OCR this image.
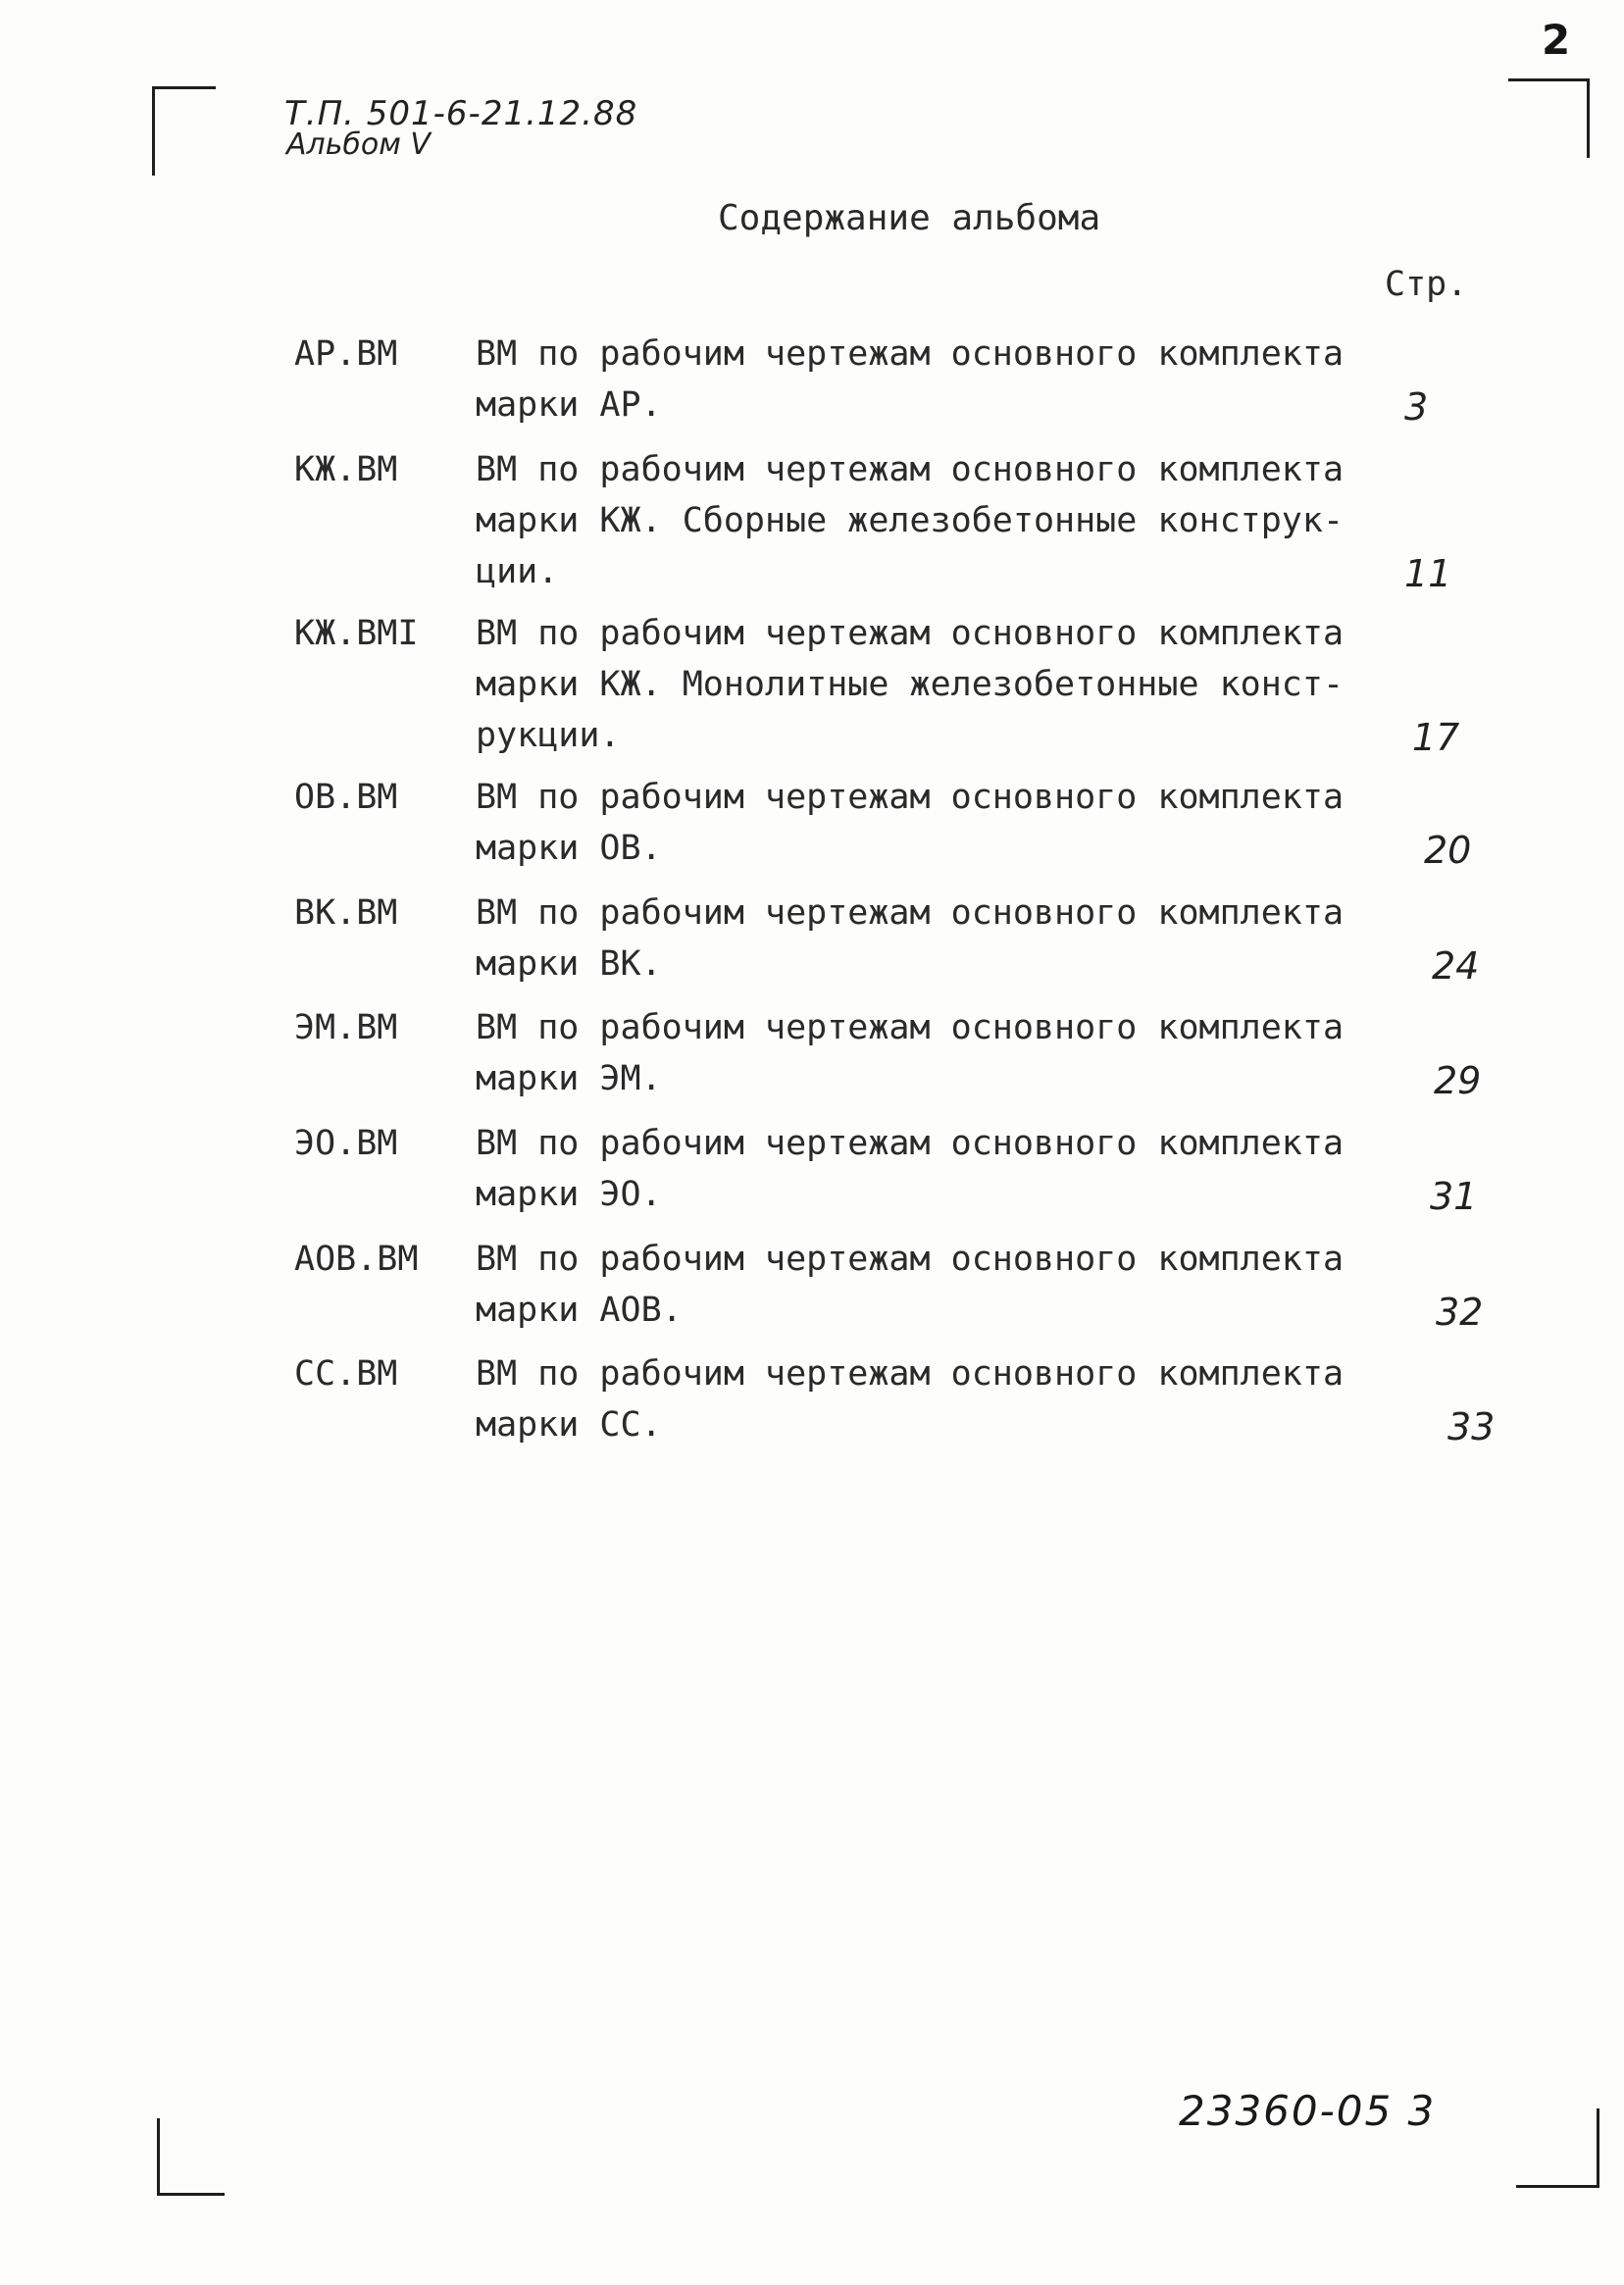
2
Т.П. 501-6-21.12.88
Альбом V
Содержание альбома
Стр.
АР.ВМ ВМ по рабочим чертежам основного комплекта
марки АР.	3
КЖ.ВМ ВМ по рабочим чертежам основного комплекта
марки КЖ. Сборные железобетонные конструк-
ции.	11
КЖ.ВМI ВМ по рабочим чертежам основного комплекта
марки КЖ. Монолитные железобетонные конст-
рукции.	17
ОВ.ВМ ВМ по рабочим чертежам основного комплекта
марки ОВ.	20
ВК.ВМ ВМ по рабочим чертежам основного комплекта
марки ВК.	24
ЭМ.ВМ ВМ по рабочим чертежам основного комплекта
марки ЭМ.	29
ЭО.ВМ ВМ по рабочим чертежам основного комплекта
марки ЭО.	31
АОВ.ВМ ВМ по рабочим чертежам основного комплекта
марки АОВ.	32
СС.ВМ ВМ по рабочим чертежам основного комплекта
марки СС.	33
23360-05 3
